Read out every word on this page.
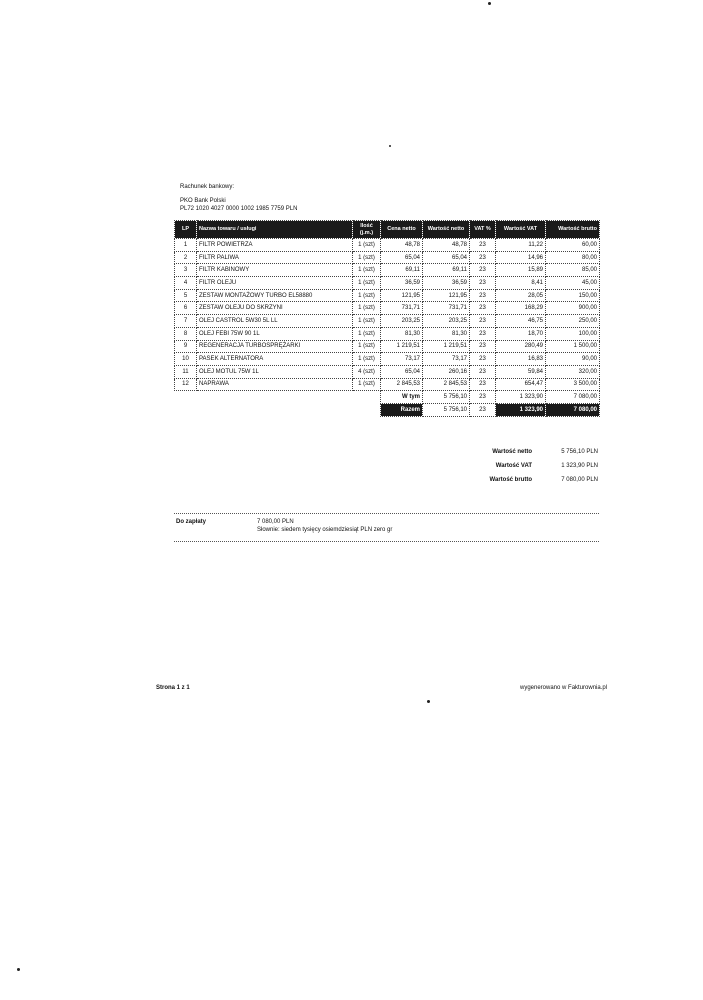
Rachunek bankowy:
PKO Bank Polski
PL72 1020 4027 0000 1002 1985 7759 PLN
LP	Nazwa towaru / usługi	Ilość (j.m.)	Cena netto	Wartość netto	VAT %	Wartość VAT	Wartość brutto
1	FILTR POWIETRZA	1 (szt)	48,78	48,78	23	11,22	60,00
2	FILTR PALIWA	1 (szt)	65,04	65,04	23	14,96	80,00
3	FILTR KABINOWY	1 (szt)	69,11	69,11	23	15,89	85,00
4	FILTR OLEJU	1 (szt)	36,59	36,59	23	8,41	45,00
5	ZESTAW MONTAŻOWY TURBO EL58880	1 (szt)	121,95	121,95	23	28,05	150,00
6	ZESTAW OLEJU DO SKRZYNI	1 (szt)	731,71	731,71	23	168,29	900,00
7	OLEJ CASTROL 5W30 5L LL	1 (szt)	203,25	203,25	23	46,75	250,00
8	OLEJ FEBI 75W 90 1L	1 (szt)	81,30	81,30	23	18,70	100,00
9	REGENERACJA TURBOSPRĘŻARKI	1 (szt)	1 219,51	1 219,51	23	280,49	1 500,00
10	PASEK ALTERNATORA	1 (szt)	73,17	73,17	23	16,83	90,00
11	OLEJ MOTUL 75W 1L	4 (szt)	65,04	260,16	23	59,84	320,00
12	NAPRAWA	1 (szt)	2 845,53	2 845,53	23	654,47	3 500,00
			W tym	5 756,10	23	1 323,90	7 080,00
			Razem	5 756,10	23	1 323,90	7 080,00
Wartość netto	5 756,10 PLN
Wartość VAT	1 323,90 PLN
Wartość brutto	7 080,00 PLN
Do zapłaty	7 080,00 PLN
Słownie: siedem tysięcy osiemdziesiąt PLN zero gr
Strona 1 z 1	wygenerowano w Fakturownia.pl
